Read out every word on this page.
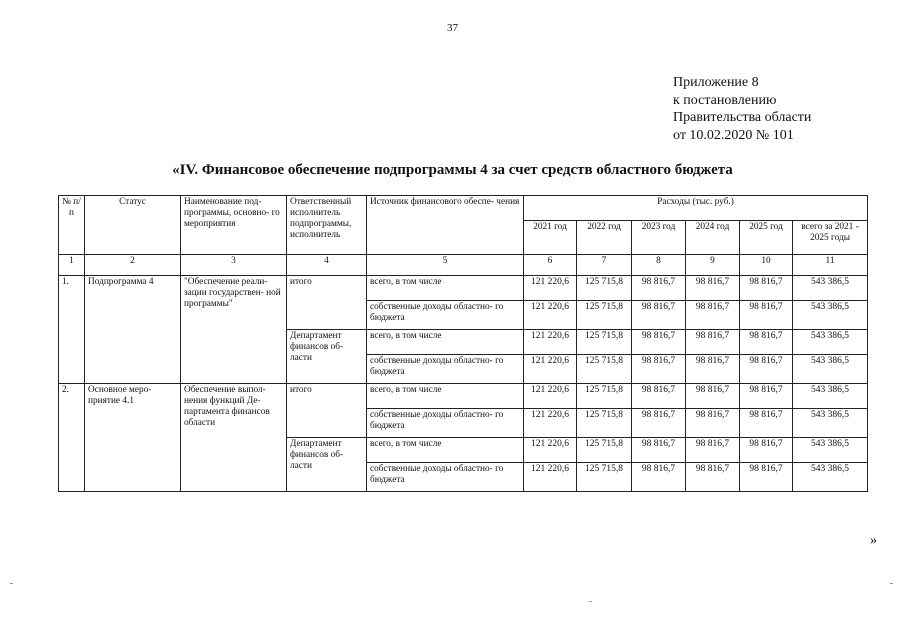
37
Приложение 8
к постановлению
Правительства области
от 10.02.2020 № 101
«IV. Финансовое обеспечение подпрограммы 4 за счет средств областного бюджета
№ п/п	Статус	Наименование под- программы, основно- го мероприятия	Ответственный исполнитель подпрограммы, исполнитель	Источник финансового обеспе- чения	Расходы (тыс. руб.)					
					2021 год	2022 год	2023 год	2024 год	2025 год	всего за 2021 - 2025 годы
1	2	3	4	5	6	7	8	9	10	11
1.	Подпрограмма 4	"Обеспечение реали- зации государствен- ной программы"	итого	всего, в том числе	121 220,6	125 715,8	98 816,7	98 816,7	98 816,7	543 386,5
				собственные доходы областно- го бюджета	121 220,6	125 715,8	98 816,7	98 816,7	98 816,7	543 386,5
			Департамент финансов об- ласти	всего, в том числе	121 220,6	125 715,8	98 816,7	98 816,7	98 816,7	543 386,5
				собственные доходы областно- го бюджета	121 220,6	125 715,8	98 816,7	98 816,7	98 816,7	543 386,5
2.	Основное меро- приятие 4.1	Обеспечение выпол- нения функций Де- партамента финансов области	итого	всего, в том числе	121 220,6	125 715,8	98 816,7	98 816,7	98 816,7	543 386,5
				собственные доходы областно- го бюджета	121 220,6	125 715,8	98 816,7	98 816,7	98 816,7	543 386,5
			Департамент финансов об- ласти	всего, в том числе	121 220,6	125 715,8	98 816,7	98 816,7	98 816,7	543 386,5
				собственные доходы областно- го бюджета	121 220,6	125 715,8	98 816,7	98 816,7	98 816,7	543 386,5
»
